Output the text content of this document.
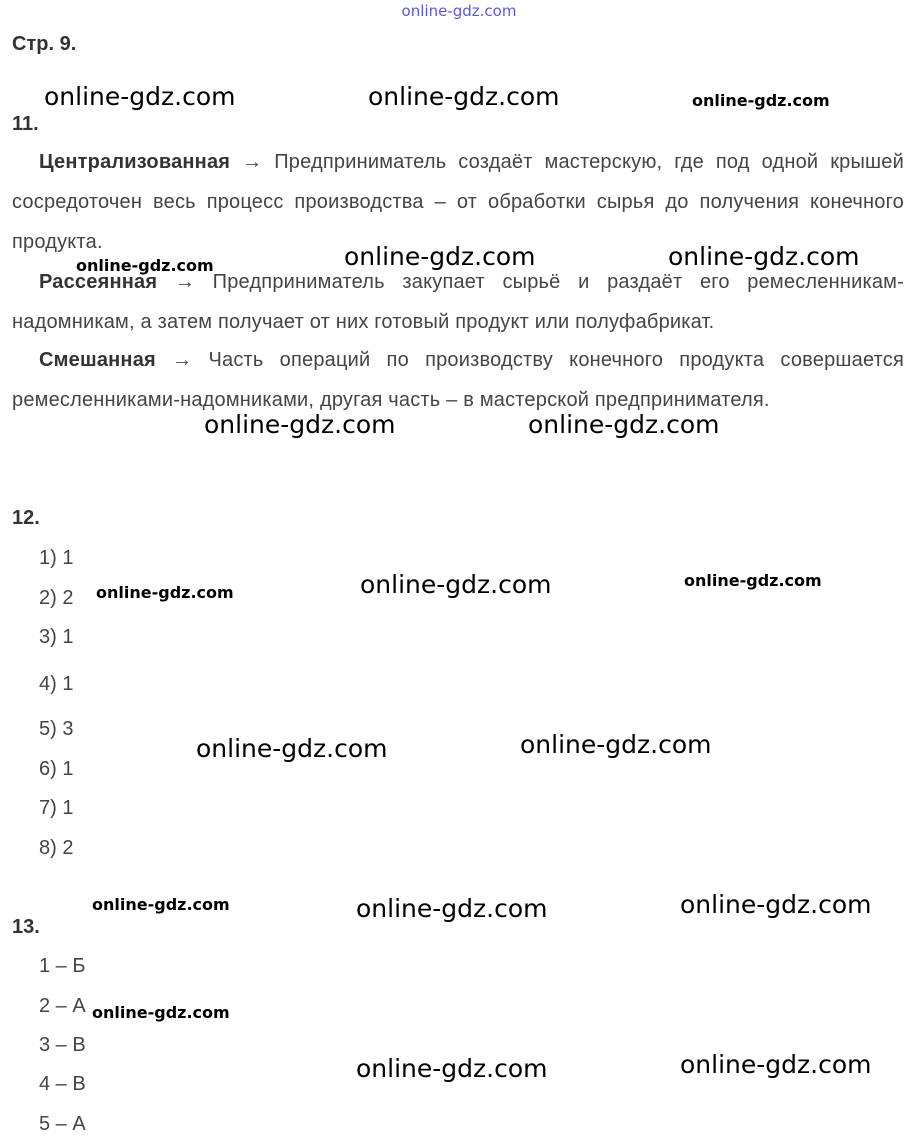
online-gdz.com
Стр. 9.
11.
Централизованная → Предприниматель создаёт мастерскую, где под одной крышей сосредоточен весь процесс производства – от обработки сырья до получения конечного продукта.
Рассеянная → Предприниматель закупает сырьё и раздаёт его ремесленникам-надомникам, а затем получает от них готовый продукт или полуфабрикат.
Смешанная → Часть операций по производству конечного продукта совершается ремесленниками-надомниками, другая часть – в мастерской предпринимателя.
12.
1) 1
2) 2
3) 1
4) 1
5) 3
6) 1
7) 1
8) 2
13.
1 – Б
2 – А
3 – В
4 – В
5 – А
online-gdz.com	online-gdz.com	online-gdz.com
online-gdz.com	online-gdz.com
online-gdz.com
online-gdz.com	online-gdz.com
online-gdz.com	online-gdz.com
online-gdz.com
online-gdz.com	online-gdz.com
online-gdz.com	online-gdz.com	online-gdz.com
online-gdz.com
online-gdz.com	online-gdz.com
